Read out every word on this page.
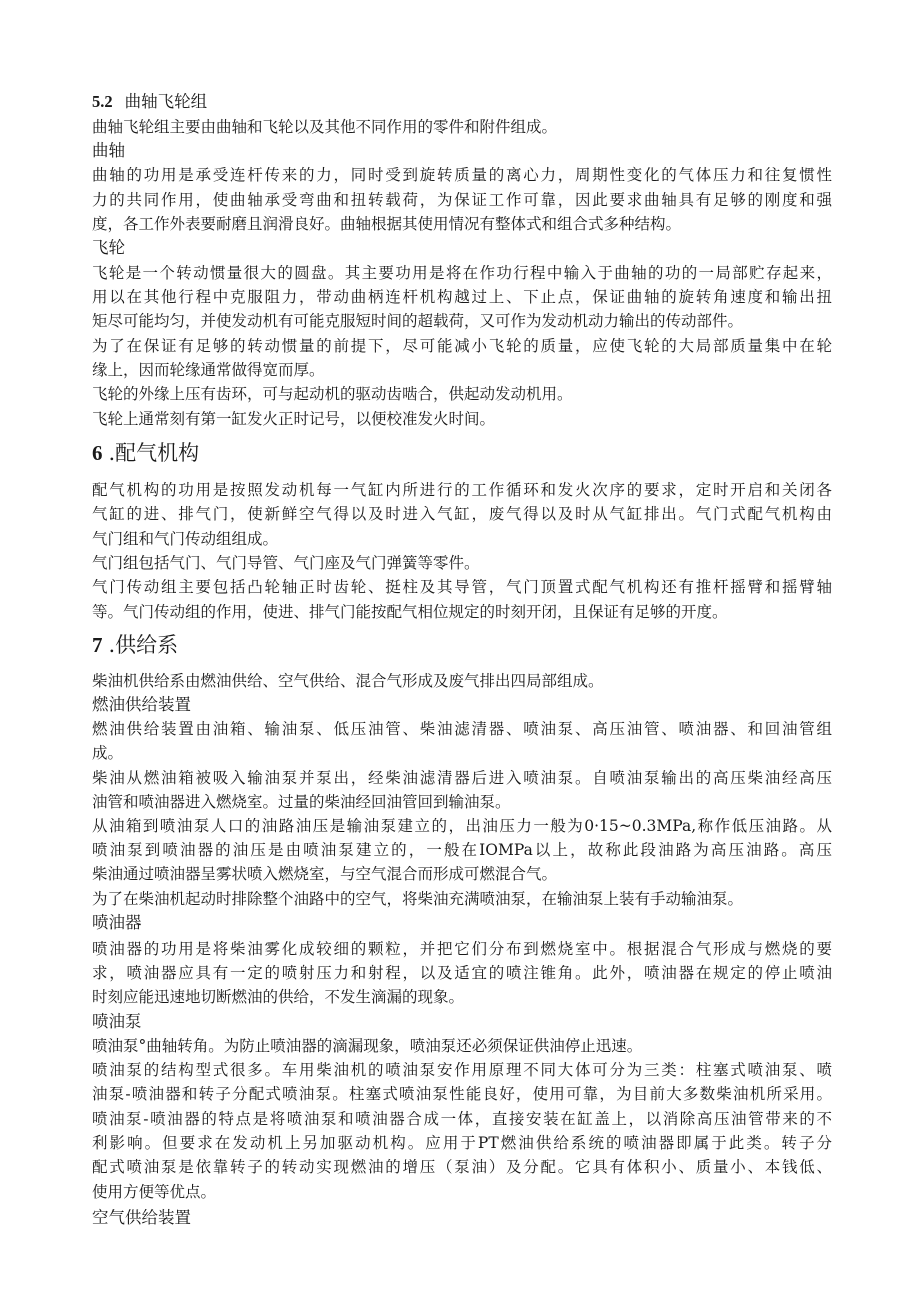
5.2 曲轴飞轮组
曲轴飞轮组主要由曲轴和飞轮以及其他不同作用的零件和附件组成。
曲轴
曲轴的功用是承受连杆传来的力，同时受到旋转质量的离心力，周期性变化的气体压力和往复惯性
力的共同作用，使曲轴承受弯曲和扭转载荷，为保证工作可靠，因此要求曲轴具有足够的刚度和强
度，各工作外表要耐磨且润滑良好。曲轴根据其使用情况有整体式和组合式多种结构。
飞轮
飞轮是一个转动惯量很大的圆盘。其主要功用是将在作功行程中输入于曲轴的功的一局部贮存起来，
用以在其他行程中克服阻力，带动曲柄连杆机构越过上、下止点，保证曲轴的旋转角速度和输出扭
矩尽可能均匀，并使发动机有可能克服短时间的超载荷，又可作为发动机动力输出的传动部件。
为了在保证有足够的转动惯量的前提下，尽可能减小飞轮的质量，应使飞轮的大局部质量集中在轮
缘上，因而轮缘通常做得宽而厚。
飞轮的外缘上压有齿环，可与起动机的驱动齿啮合，供起动发动机用。
飞轮上通常刻有第一缸发火正时记号，以便校准发火时间。
6 .配气机构
配气机构的功用是按照发动机每一气缸内所进行的工作循环和发火次序的要求，定时开启和关闭各
气缸的进、排气门，使新鲜空气得以及时进入气缸，废气得以及时从气缸排出。气门式配气机构由
气门组和气门传动组组成。
气门组包括气门、气门导管、气门座及气门弹簧等零件。
气门传动组主要包括凸轮轴正时齿轮、挺柱及其导管，气门顶置式配气机构还有推杆摇臂和摇臂轴
等。气门传动组的作用，使进、排气门能按配气相位规定的时刻开闭，且保证有足够的开度。
7 .供给系
柴油机供给系由燃油供给、空气供给、混合气形成及废气排出四局部组成。
燃油供给装置
燃油供给装置由油箱、输油泵、低压油管、柴油滤清器、喷油泵、高压油管、喷油器、和回油管组
成。
柴油从燃油箱被吸入输油泵并泵出，经柴油滤清器后进入喷油泵。自喷油泵输出的高压柴油经高压
油管和喷油器进入燃烧室。过量的柴油经回油管回到输油泵。
从油箱到喷油泵人口的油路油压是输油泵建立的，出油压力一般为0·15~0.3MPa,称作低压油路。从
喷油泵到喷油器的油压是由喷油泵建立的，一般在IOMPa以上，故称此段油路为高压油路。高压
柴油通过喷油器呈雾状喷入燃烧室，与空气混合而形成可燃混合气。
为了在柴油机起动时排除整个油路中的空气，将柴油充满喷油泵，在输油泵上装有手动输油泵。
喷油器
喷油器的功用是将柴油雾化成较细的颗粒，并把它们分布到燃烧室中。根据混合气形成与燃烧的要
求，喷油器应具有一定的喷射压力和射程，以及适宜的喷注锥角。此外，喷油器在规定的停止喷油
时刻应能迅速地切断燃油的供给，不发生滴漏的现象。
喷油泵
喷油泵°曲轴转角。为防止喷油器的滴漏现象，喷油泵还必须保证供油停止迅速。
喷油泵的结构型式很多。车用柴油机的喷油泵安作用原理不同大体可分为三类：柱塞式喷油泵、喷
油泵-喷油器和转子分配式喷油泵。柱塞式喷油泵性能良好，使用可靠，为目前大多数柴油机所采用。
喷油泵-喷油器的特点是将喷油泵和喷油器合成一体，直接安装在缸盖上，以消除高压油管带来的不
利影响。但要求在发动机上另加驱动机构。应用于PT燃油供给系统的喷油器即属于此类。转子分
配式喷油泵是依靠转子的转动实现燃油的增压（泵油）及分配。它具有体积小、质量小、本钱低、
使用方便等优点。
空气供给装置
